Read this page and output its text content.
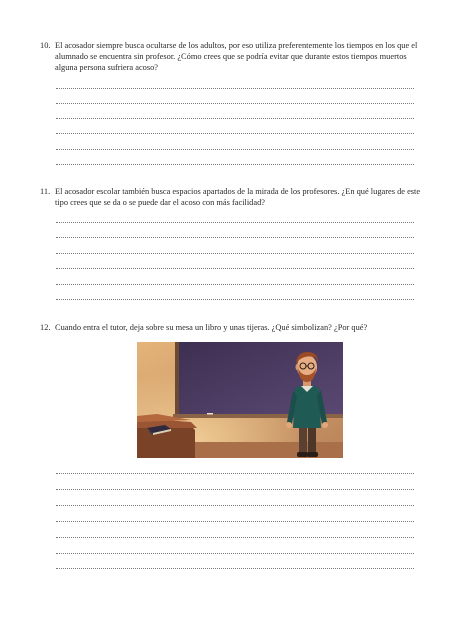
10. El acosador siempre busca ocultarse de los adultos, por eso utiliza preferentemente los tiempos en los que el alumnado se encuentra sin profesor. ¿Cómo crees que se podría evitar que durante estos tiempos muertos alguna persona sufriera acoso?
11. El acosador escolar también busca espacios apartados de la mirada de los profesores. ¿En qué lugares de este tipo crees que se da o se puede dar el acoso con más facilidad?
12. Cuando entra el tutor, deja sobre su mesa un libro y unas tijeras. ¿Qué simbolizan? ¿Por qué?
